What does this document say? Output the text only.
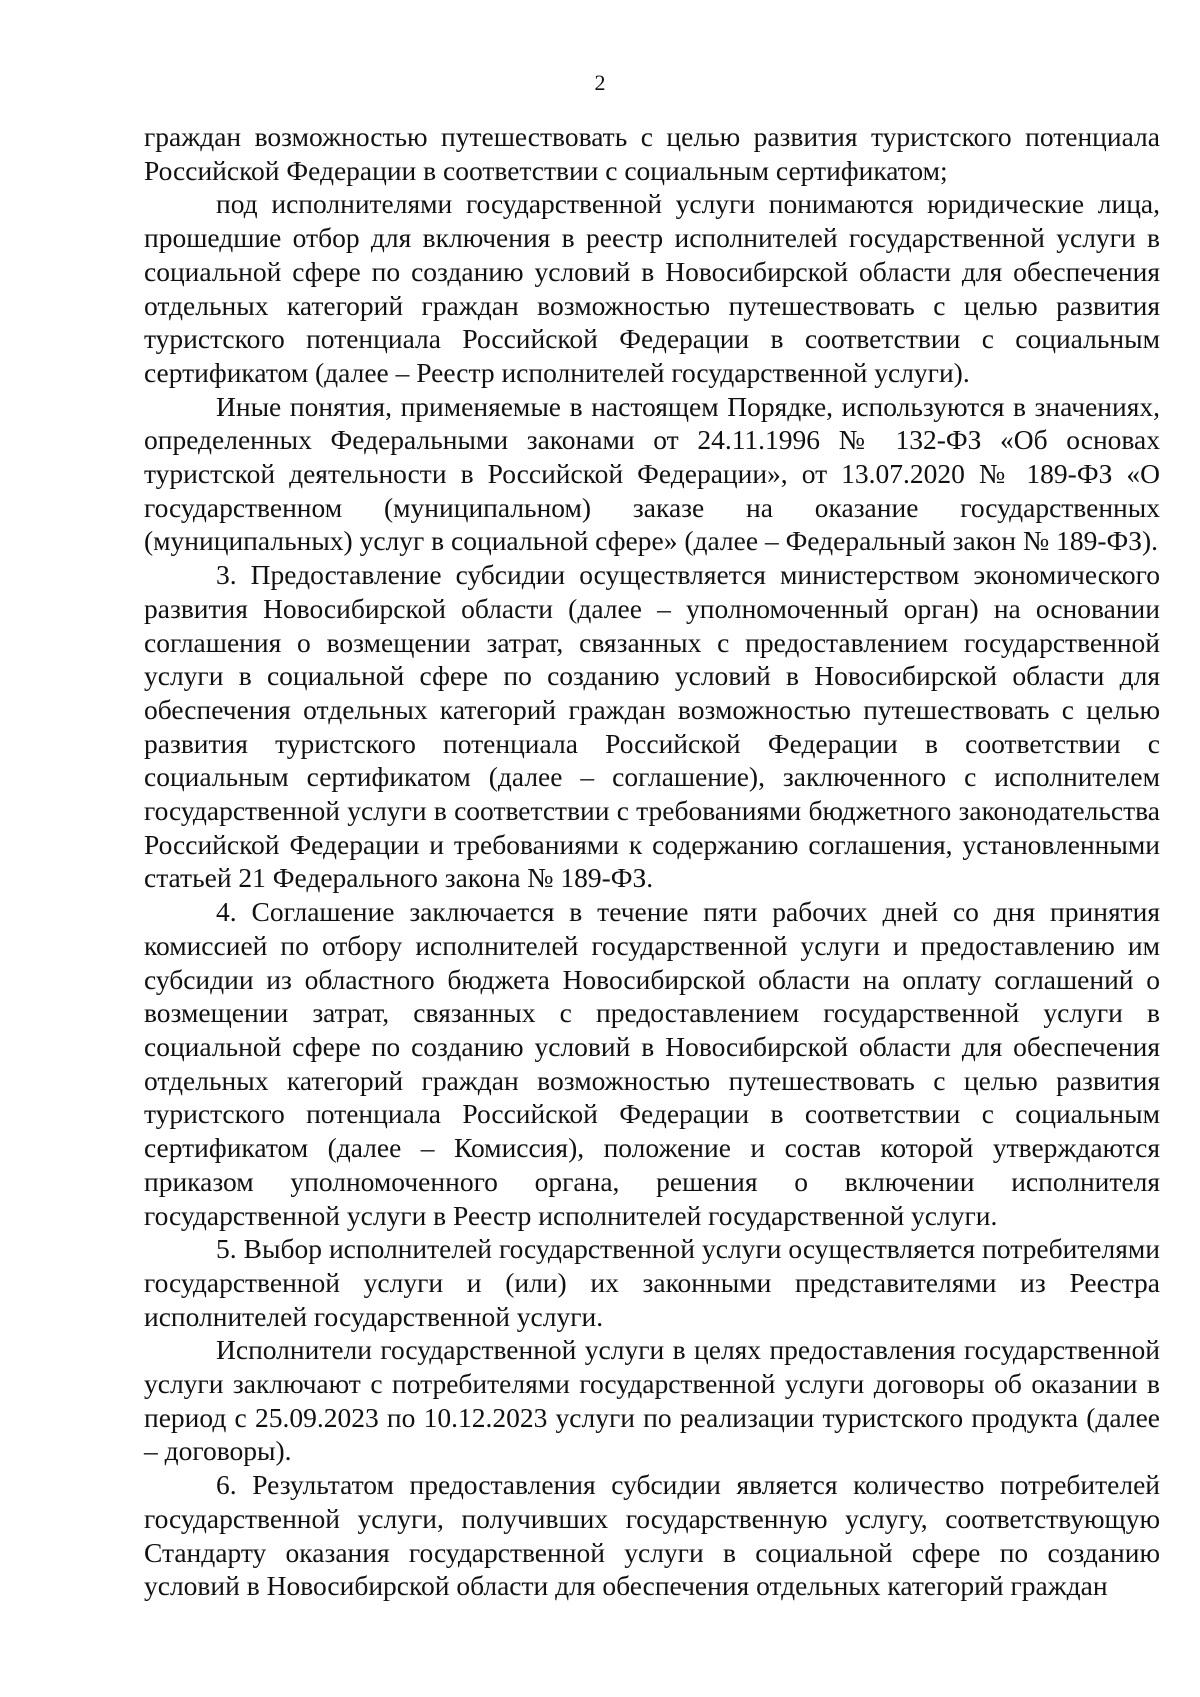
2

граждан возможностью путешествовать с целью развития туристского потенциала Российской Федерации в соответствии с социальным сертификатом;

под исполнителями государственной услуги понимаются юридические лица, прошедшие отбор для включения в реестр исполнителей государственной услуги в социальной сфере по созданию условий в Новосибирской области для обеспечения отдельных категорий граждан возможностью путешествовать с целью развития туристского потенциала Российской Федерации в соответствии с социальным сертификатом (далее – Реестр исполнителей государственной услуги).

Иные понятия, применяемые в настоящем Порядке, используются в значениях, определенных Федеральными законами от 24.11.1996 № 132-ФЗ «Об основах туристской деятельности в Российской Федерации», от 13.07.2020 № 189-ФЗ «О государственном (муниципальном) заказе на оказание государственных (муниципальных) услуг в социальной сфере» (далее – Федеральный закон № 189-ФЗ).

3. Предоставление субсидии осуществляется министерством экономического развития Новосибирской области (далее – уполномоченный орган) на основании соглашения о возмещении затрат, связанных с предоставлением государственной услуги в социальной сфере по созданию условий в Новосибирской области для обеспечения отдельных категорий граждан возможностью путешествовать с целью развития туристского потенциала Российской Федерации в соответствии с социальным сертификатом (далее – соглашение), заключенного с исполнителем государственной услуги в соответствии с требованиями бюджетного законодательства Российской Федерации и требованиями к содержанию соглашения, установленными статьей 21 Федерального закона № 189-ФЗ.

4. Соглашение заключается в течение пяти рабочих дней со дня принятия комиссией по отбору исполнителей государственной услуги и предоставлению им субсидии из областного бюджета Новосибирской области на оплату соглашений о возмещении затрат, связанных с предоставлением государственной услуги в социальной сфере по созданию условий в Новосибирской области для обеспечения отдельных категорий граждан возможностью путешествовать с целью развития туристского потенциала Российской Федерации в соответствии с социальным сертификатом (далее – Комиссия), положение и состав которой утверждаются приказом уполномоченного органа, решения о включении исполнителя государственной услуги в Реестр исполнителей государственной услуги.

5. Выбор исполнителей государственной услуги осуществляется потребителями государственной услуги и (или) их законными представителями из Реестра исполнителей государственной услуги.

Исполнители государственной услуги в целях предоставления государственной услуги заключают с потребителями государственной услуги договоры об оказании в период с 25.09.2023 по 10.12.2023 услуги по реализации туристского продукта (далее – договоры).

6. Результатом предоставления субсидии является количество потребителей государственной услуги, получивших государственную услугу, соответствующую Стандарту оказания государственной услуги в социальной сфере по созданию условий в Новосибирской области для обеспечения отдельных категорий граждан
